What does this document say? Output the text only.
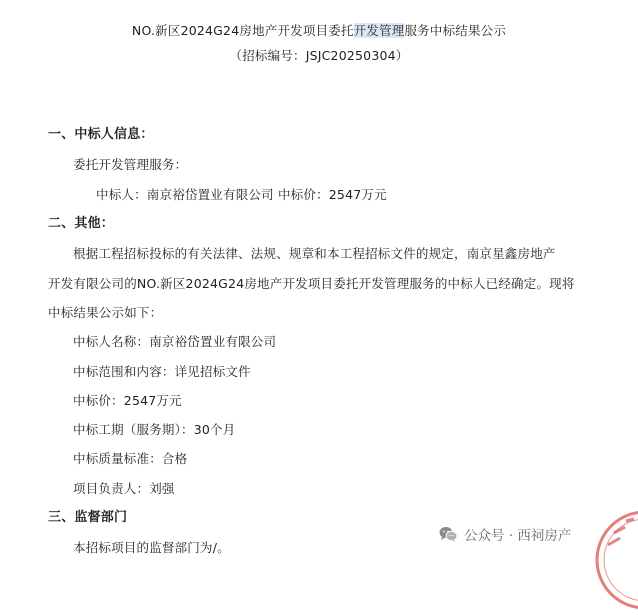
NO.新区2024G24房地产开发项目委托开发管理服务中标结果公示
（招标编号：JSJC20250304）
一、中标人信息：
委托开发管理服务：
中标人：南京裕岱置业有限公司 中标价：2547万元
二、其他：
根据工程招标投标的有关法律、法规、规章和本工程招标文件的规定，南京星鑫房地产
开发有限公司的NO.新区2024G24房地产开发项目委托开发管理服务的中标人已经确定。现将
中标结果公示如下：
中标人名称：南京裕岱置业有限公司
中标范围和内容：详见招标文件
中标价：2547万元
中标工期（服务期）：30个月
中标质量标准：合格
项目负责人：刘强
三、监督部门
本招标项目的监督部门为/。
公众号 · 西祠房产
